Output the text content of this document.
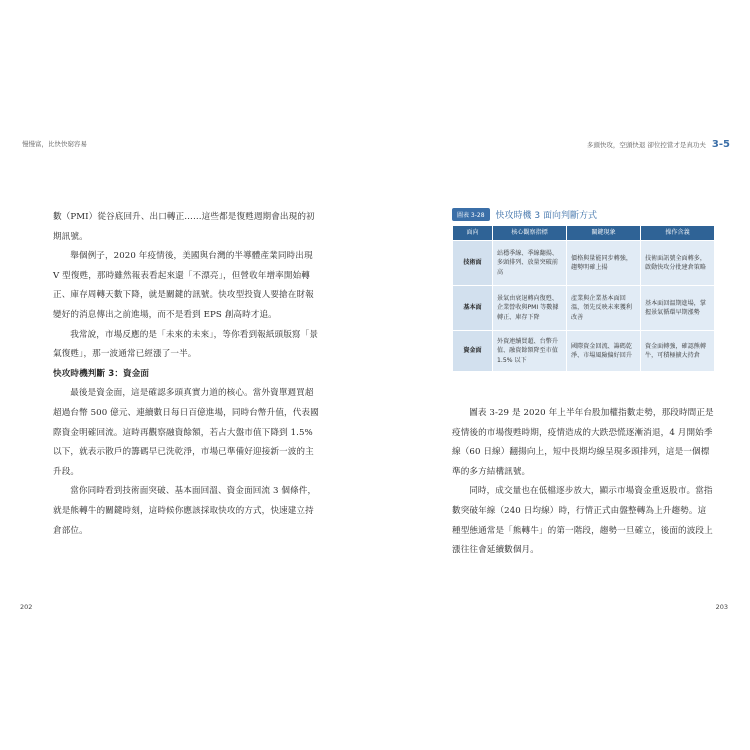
慢慢富，比快快窮容易	多頭快攻，空頭快退 卻位控當才是真功夫 3-5

數（PMI）從谷底回升、出口轉正……這些都是復甦週期會出現的初期訊號。

舉個例子，2020 年疫情後，美國與台灣的半導體產業同時出現 V 型復甦，那時雖然報表看起來還「不漂亮」，但營收年增率開始轉正、庫存周轉天數下降，就是關鍵的訊號。快攻型投資人要搶在財報變好的消息傳出之前進場，而不是看到 EPS 創高時才追。

我常說，市場反應的是「未來的未來」，等你看到報紙頭版寫「景氣復甦」，那一波通常已經漲了一半。

快攻時機判斷 3：資金面

最後是資金面，這是確認多頭真實力道的核心。當外資單週買超超過台幣 500 億元、連續數日每日百億進場，同時台幣升值，代表國際資金明確回流。這時再觀察融資餘額，若占大盤市值下降到 1.5% 以下，就表示散戶的籌碼早已洗乾淨，市場已準備好迎接新一波的主升段。

當你同時看到技術面突破、基本面回溫、資金面回流 3 個條件，就是熊轉牛的關鍵時刻，這時候你應該採取快攻的方式，快速建立持倉部位。

圖表 3-28	快攻時機 3 面向判斷方式
面向	核心觀察指標	關鍵現象	操作含義
技術面	站穩季線、季線翻揚、多頭排列、放量突破前高	價格與量能同步轉強，趨勢明確上揚	技術面訊號全面轉多，啟動快攻分批建倉策略
基本面	景氣由衰退轉向復甦、企業營收與PMI 等數據轉正、庫存下降	產業與企業基本面回溫，領先反映未來獲利改善	基本面回溫期進場，掌握景氣循環早期漲勢
資金面	外資連續買超、台幣升值、融資餘額降至市值 1.5% 以下	國際資金回流、籌碼乾淨、市場風險偏好回升	資金面轉強，確認熊轉牛，可積極擴大持倉

圖表 3-29 是 2020 年上半年台股加權指數走勢，那段時間正是疫情後的市場復甦時期，疫情造成的大跌恐慌逐漸消退，4 月開始季線（60 日線）翻揚向上，短中長期均線呈現多頭排列，這是一個標準的多方結構訊號。

同時，成交量也在低檔逐步放大，顯示市場資金重返股市。當指數突破年線（240 日均線）時，行情正式由盤整轉為上升趨勢。這種型態通常是「熊轉牛」的第一階段，趨勢一旦確立，後面的波段上漲往往會延續數個月。

202	203
